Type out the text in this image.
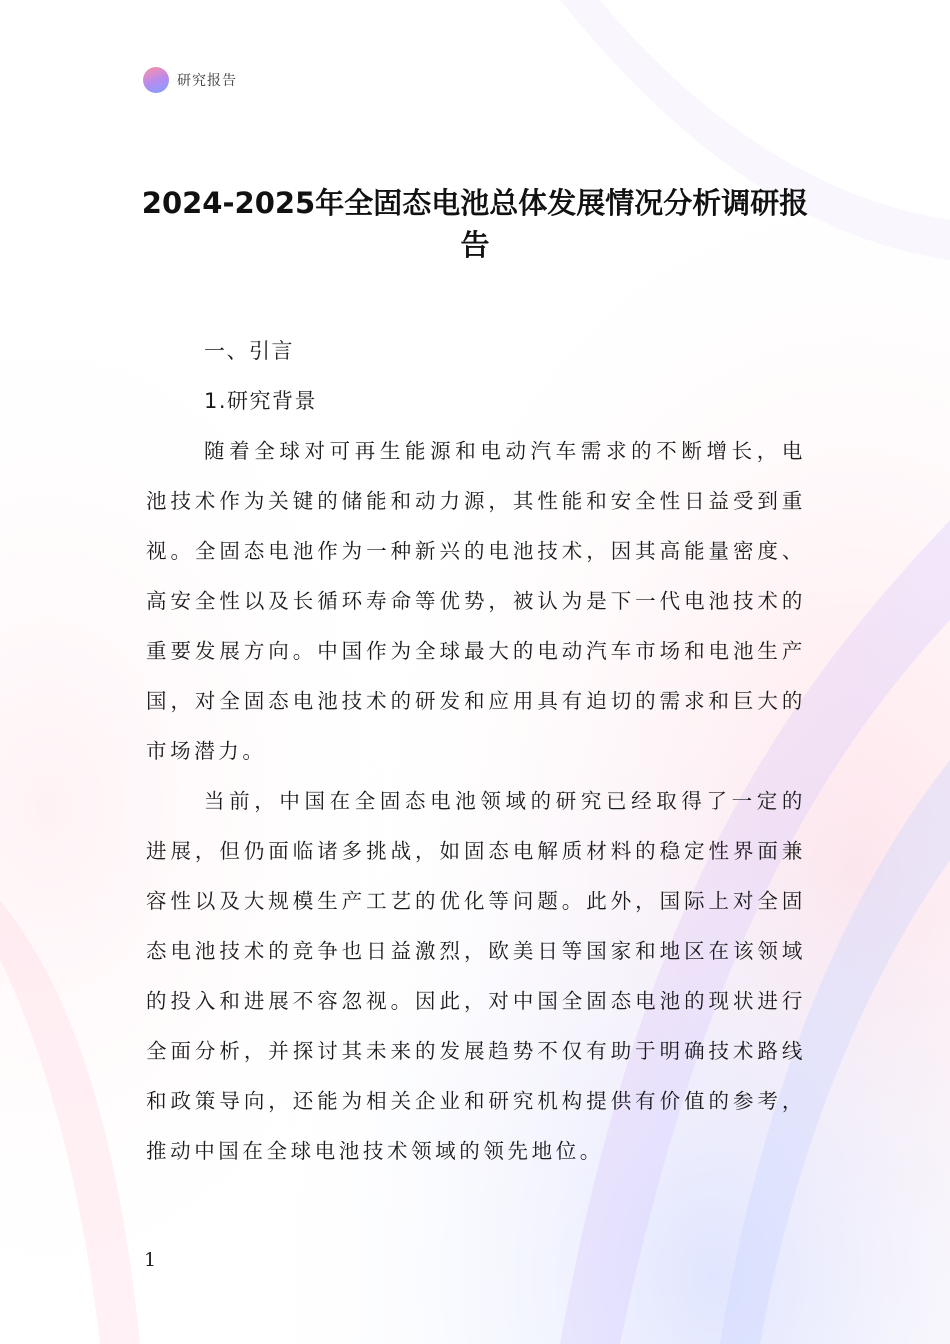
研究报告
2024-2025年全固态电池总体发展情况分析调研报告

一、引言

1.研究背景

随着全球对可再生能源和电动汽车需求的不断增长，电池技术作为关键的储能和动力源，其性能和安全性日益受到重视。全固态电池作为一种新兴的电池技术，因其高能量密度、高安全性以及长循环寿命等优势，被认为是下一代电池技术的重要发展方向。中国作为全球最大的电动汽车市场和电池生产国，对全固态电池技术的研发和应用具有迫切的需求和巨大的市场潜力。

当前，中国在全固态电池领域的研究已经取得了一定的进展，但仍面临诸多挑战，如固态电解质材料的稳定性界面兼容性以及大规模生产工艺的优化等问题。此外，国际上对全固态电池技术的竞争也日益激烈，欧美日等国家和地区在该领域的投入和进展不容忽视。因此，对中国全固态电池的现状进行全面分析，并探讨其未来的发展趋势不仅有助于明确技术路线和政策导向，还能为相关企业和研究机构提供有价值的参考，推动中国在全球电池技术领域的领先地位。

1
